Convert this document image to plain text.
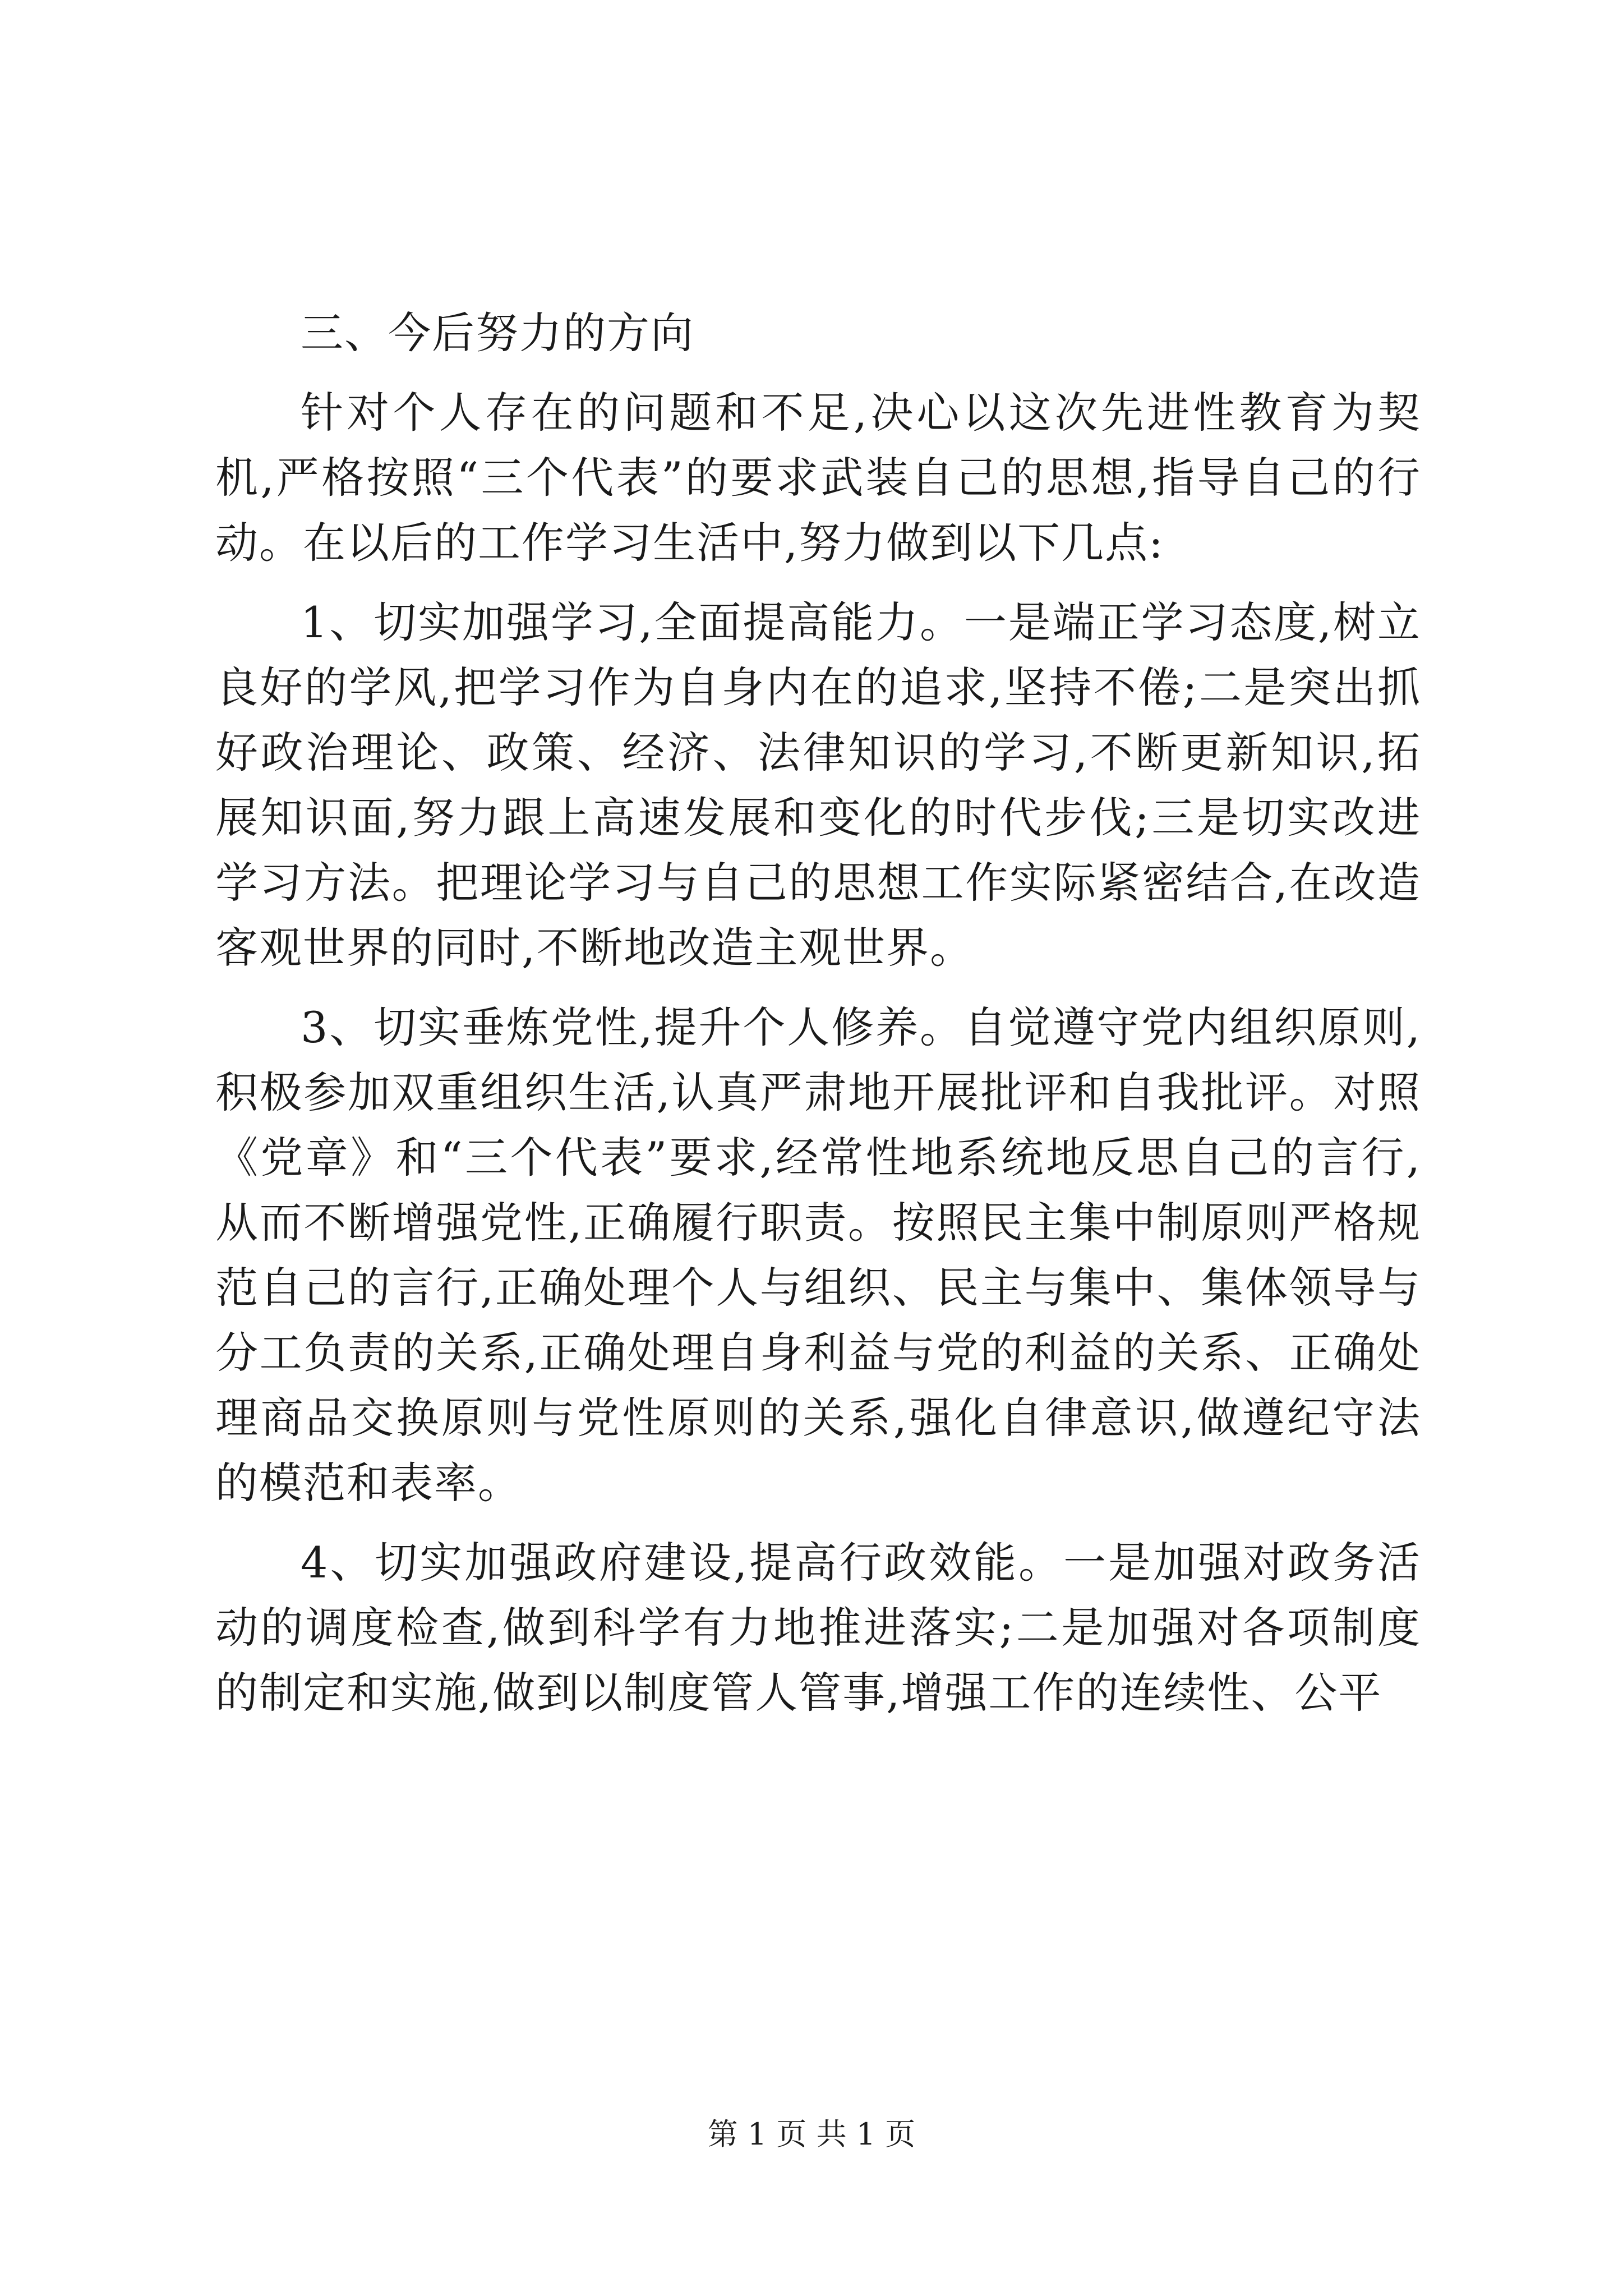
三、今后努力的方向

针对个人存在的问题和不足,决心以这次先进性教育为契机,严格按照“三个代表”的要求武装自己的思想,指导自己的行动。在以后的工作学习生活中,努力做到以下几点:

1、切实加强学习,全面提高能力。一是端正学习态度,树立良好的学风,把学习作为自身内在的追求,坚持不倦;二是突出抓好政治理论、政策、经济、法律知识的学习,不断更新知识,拓展知识面,努力跟上高速发展和变化的时代步伐;三是切实改进学习方法。把理论学习与自己的思想工作实际紧密结合,在改造客观世界的同时,不断地改造主观世界。

3、切实垂炼党性,提升个人修养。自觉遵守党内组织原则,积极参加双重组织生活,认真严肃地开展批评和自我批评。对照《党章》和“三个代表”要求,经常性地系统地反思自己的言行,从而不断增强党性,正确履行职责。按照民主集中制原则严格规范自己的言行,正确处理个人与组织、民主与集中、集体领导与分工负责的关系,正确处理自身利益与党的利益的关系、正确处理商品交换原则与党性原则的关系,强化自律意识,做遵纪守法的模范和表率。

4、切实加强政府建设,提高行政效能。一是加强对政务活动的调度检查,做到科学有力地推进落实;二是加强对各项制度的制定和实施,做到以制度管人管事,增强工作的连续性、公平

第 1 页 共 1 页
